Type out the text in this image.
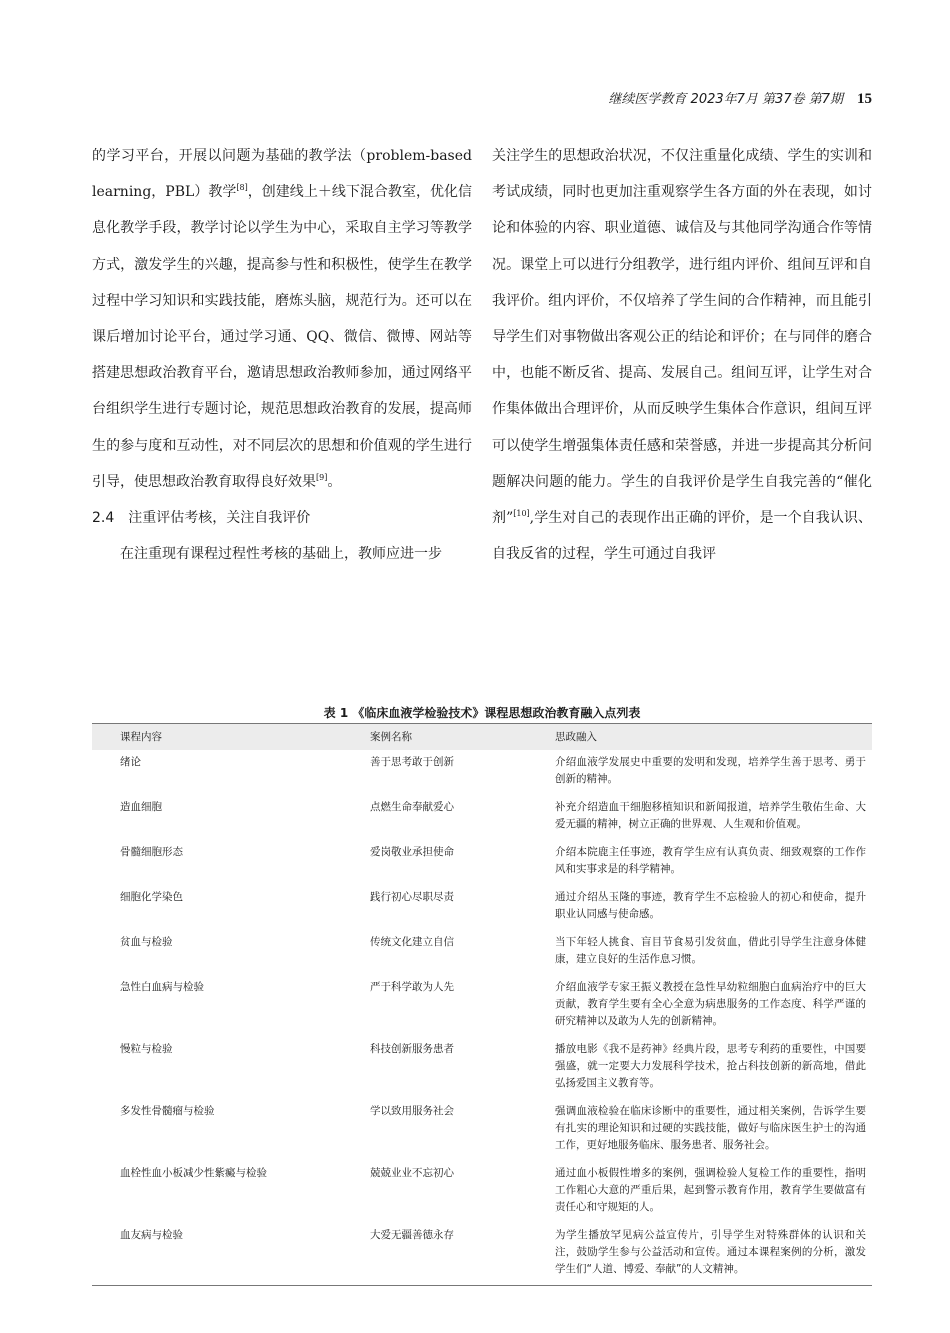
继续医学教育 2023年7月 第37卷 第7期 15

的学习平台，开展以问题为基础的教学法（problem-based learning，PBL）教学[8]，创建线上＋线下混合教室，优化信息化教学手段，教学讨论以学生为中心，采取自主学习等教学方式，激发学生的兴趣，提高参与性和积极性，使学生在教学过程中学习知识和实践技能，磨炼头脑，规范行为。还可以在课后增加讨论平台，通过学习通、QQ、微信、微博、网站等搭建思想政治教育平台，邀请思想政治教师参加，通过网络平台组织学生进行专题讨论，规范思想政治教育的发展，提高师生的参与度和互动性，对不同层次的思想和价值观的学生进行引导，使思想政治教育取得良好效果[9]。

2.4　注重评估考核，关注自我评价

在注重现有课程过程性考核的基础上，教师应进一步

关注学生的思想政治状况，不仅注重量化成绩、学生的实训和考试成绩，同时也更加注重观察学生各方面的外在表现，如讨论和体验的内容、职业道德、诚信及与其他同学沟通合作等情况。课堂上可以进行分组教学，进行组内评价、组间互评和自我评价。组内评价，不仅培养了学生间的合作精神，而且能引导学生们对事物做出客观公正的结论和评价；在与同伴的磨合中，也能不断反省、提高、发展自己。组间互评，让学生对合作集体做出合理评价，从而反映学生集体合作意识，组间互评可以使学生增强集体责任感和荣誉感，并进一步提高其分析问题解决问题的能力。学生的自我评价是学生自我完善的“催化剂”[10],学生对自己的表现作出正确的评价，是一个自我认识、自我反省的过程，学生可通过自我评

表 1 《临床血液学检验技术》课程思想政治教育融入点列表
课程内容	案例名称	思政融入
绪论	善于思考敢于创新	介绍血液学发展史中重要的发明和发现，培养学生善于思考、勇于创新的精神。
造血细胞	点燃生命奉献爱心	补充介绍造血干细胞移植知识和新闻报道，培养学生敬佑生命、大爱无疆的精神，树立正确的世界观、人生观和价值观。
骨髓细胞形态	爱岗敬业承担使命	介绍本院鹿主任事迹，教育学生应有认真负责、细致观察的工作作风和实事求是的科学精神。
细胞化学染色	践行初心尽职尽责	通过介绍丛玉隆的事迹，教育学生不忘检验人的初心和使命，提升职业认同感与使命感。
贫血与检验	传统文化建立自信	当下年轻人挑食、盲目节食易引发贫血，借此引导学生注意身体健康，建立良好的生活作息习惯。
急性白血病与检验	严于科学敢为人先	介绍血液学专家王振义教授在急性早幼粒细胞白血病治疗中的巨大贡献，教育学生要有全心全意为病患服务的工作态度、科学严谨的研究精神以及敢为人先的创新精神。
慢粒与检验	科技创新服务患者	播放电影《我不是药神》经典片段，思考专利药的重要性，中国要强盛，就一定要大力发展科学技术，抢占科技创新的新高地，借此弘扬爱国主义教育等。
多发性骨髓瘤与检验	学以致用服务社会	强调血液检验在临床诊断中的重要性，通过相关案例，告诉学生要有扎实的理论知识和过硬的实践技能，做好与临床医生护士的沟通工作，更好地服务临床、服务患者、服务社会。
血栓性血小板减少性紫癜与检验	兢兢业业不忘初心	通过血小板假性增多的案例，强调检验人复检工作的重要性，指明工作粗心大意的严重后果，起到警示教育作用，教育学生要做富有责任心和守规矩的人。
血友病与检验	大爱无疆善德永存	为学生播放罕见病公益宣传片，引导学生对特殊群体的认识和关注，鼓励学生参与公益活动和宣传。通过本课程案例的分析，激发学生们“人道、博爱、奉献”的人文精神。
